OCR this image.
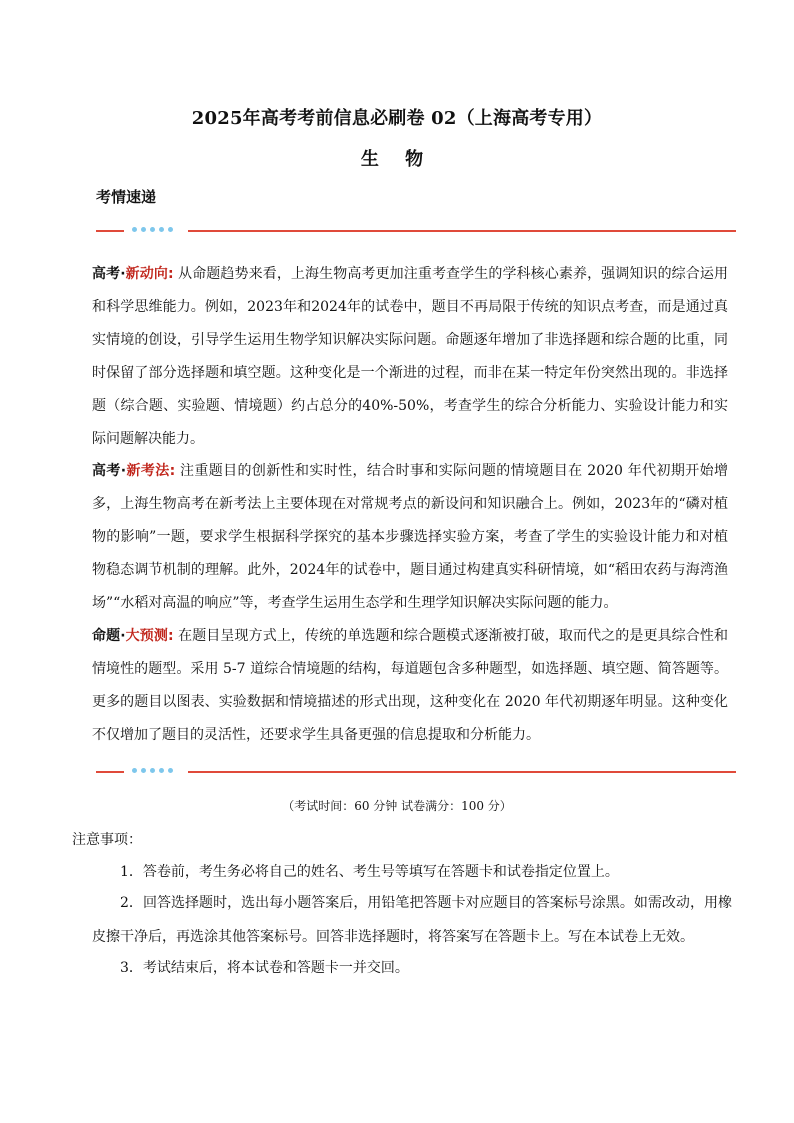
2025年高考考前信息必刷卷 02（上海高考专用）
生 物
考情速递
高考·新动向: 从命题趋势来看，上海生物高考更加注重考查学生的学科核心素养，强调知识的综合运用和科学思维能力。例如，2023年和2024年的试卷中，题目不再局限于传统的知识点考查，而是通过真实情境的创设，引导学生运用生物学知识解决实际问题。命题逐年增加了非选择题和综合题的比重，同时保留了部分选择题和填空题。这种变化是一个渐进的过程，而非在某一特定年份突然出现的。非选择题（综合题、实验题、情境题）约占总分的40%-50%，考查学生的综合分析能力、实验设计能力和实际问题解决能力。
高考·新考法: 注重题目的创新性和实时性，结合时事和实际问题的情境题目在 2020 年代初期开始增多，上海生物高考在新考法上主要体现在对常规考点的新设问和知识融合上。例如，2023年的“磷对植物的影响”一题，要求学生根据科学探究的基本步骤选择实验方案，考查了学生的实验设计能力和对植物稳态调节机制的理解。此外，2024年的试卷中，题目通过构建真实科研情境，如“稻田农药与海湾渔场”“水稻对高温的响应”等，考查学生运用生态学和生理学知识解决实际问题的能力。
命题·大预测: 在题目呈现方式上，传统的单选题和综合题模式逐渐被打破，取而代之的是更具综合性和情境性的题型。采用 5-7 道综合情境题的结构，每道题包含多种题型，如选择题、填空题、简答题等。更多的题目以图表、实验数据和情境描述的形式出现，这种变化在 2020 年代初期逐年明显。这种变化不仅增加了题目的灵活性，还要求学生具备更强的信息提取和分析能力。
（考试时间：60 分钟 试卷满分：100 分）
注意事项：
1．答卷前，考生务必将自己的姓名、考生号等填写在答题卡和试卷指定位置上。
2．回答选择题时，选出每小题答案后，用铅笔把答题卡对应题目的答案标号涂黑。如需改动，用橡皮擦干净后，再选涂其他答案标号。回答非选择题时，将答案写在答题卡上。写在本试卷上无效。
3．考试结束后，将本试卷和答题卡一并交回。
